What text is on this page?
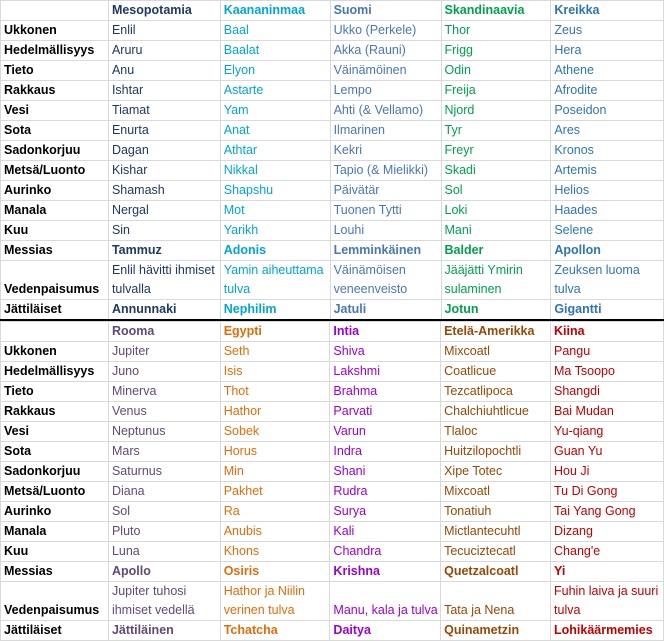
	Mesopotamia	Kaananinmaa	Suomi	Skandinaavia	Kreikka
Ukkonen	Enlil	Baal	Ukko (Perkele)	Thor	Zeus
Hedelmällisyys	Aruru	Baalat	Akka (Rauni)	Frigg	Hera
Tieto	Anu	Elyon	Väinämöinen	Odin	Athene
Rakkaus	Ishtar	Astarte	Lempo	Freija	Afrodite
Vesi	Tiamat	Yam	Ahti (& Vellamo)	Njord	Poseidon
Sota	Enurta	Anat	Ilmarinen	Tyr	Ares
Sadonkorjuu	Dagan	Athtar	Kekri	Freyr	Kronos
Metsä/Luonto	Kishar	Nikkal	Tapio (& Mielikki)	Skadi	Artemis
Aurinko	Shamash	Shapshu	Päivätär	Sol	Helios
Manala	Nergal	Mot	Tuonen Tytti	Loki	Haades
Kuu	Sin	Yarikh	Louhi	Mani	Selene
Messias	Tammuz	Adonis	Lemminkäinen	Balder	Apollon
Vedenpaisumus	Enlil hävitti ihmiset tulvalla	Yamin aiheuttama tulva	Väinämöisen veneenveisto	Jääjätti Ymirin sulaminen	Zeuksen luoma tulva
Jättiläiset	Annunnaki	Nephilim	Jatuli	Jotun	Gigantti
	Rooma	Egypti	Intia	Etelä-Amerikka	Kiina
Ukkonen	Jupiter	Seth	Shiva	Mixcoatl	Pangu
Hedelmällisyys	Juno	Isis	Lakshmi	Coatlicue	Ma Tsoopo
Tieto	Minerva	Thot	Brahma	Tezcatlipoca	Shangdi
Rakkaus	Venus	Hathor	Parvati	Chalchiuhtlicue	Bai Mudan
Vesi	Neptunus	Sobek	Varun	Tlaloc	Yu-qiang
Sota	Mars	Horus	Indra	Huitzilopochtli	Guan Yu
Sadonkorjuu	Saturnus	Min	Shani	Xipe Totec	Hou Ji
Metsä/Luonto	Diana	Pakhet	Rudra	Mixcoatl	Tu Di Gong
Aurinko	Sol	Ra	Surya	Tonatiuh	Tai Yang Gong
Manala	Pluto	Anubis	Kali	Mictlantecuhtl	Dizang
Kuu	Luna	Khons	Chandra	Tecuciztecatl	Chang'e
Messias	Apollo	Osiris	Krishna	Quetzalcoatl	Yi
Vedenpaisumus	Jupiter tuhosi ihmiset vedellä	Hathor ja Niilin verinen tulva	Manu, kala ja tulva	Tata ja Nena	Fuhin laiva ja suuri tulva
Jättiläiset	Jättiläinen	Tchatcha	Daitya	Quinametzin	Lohikäärmemies
